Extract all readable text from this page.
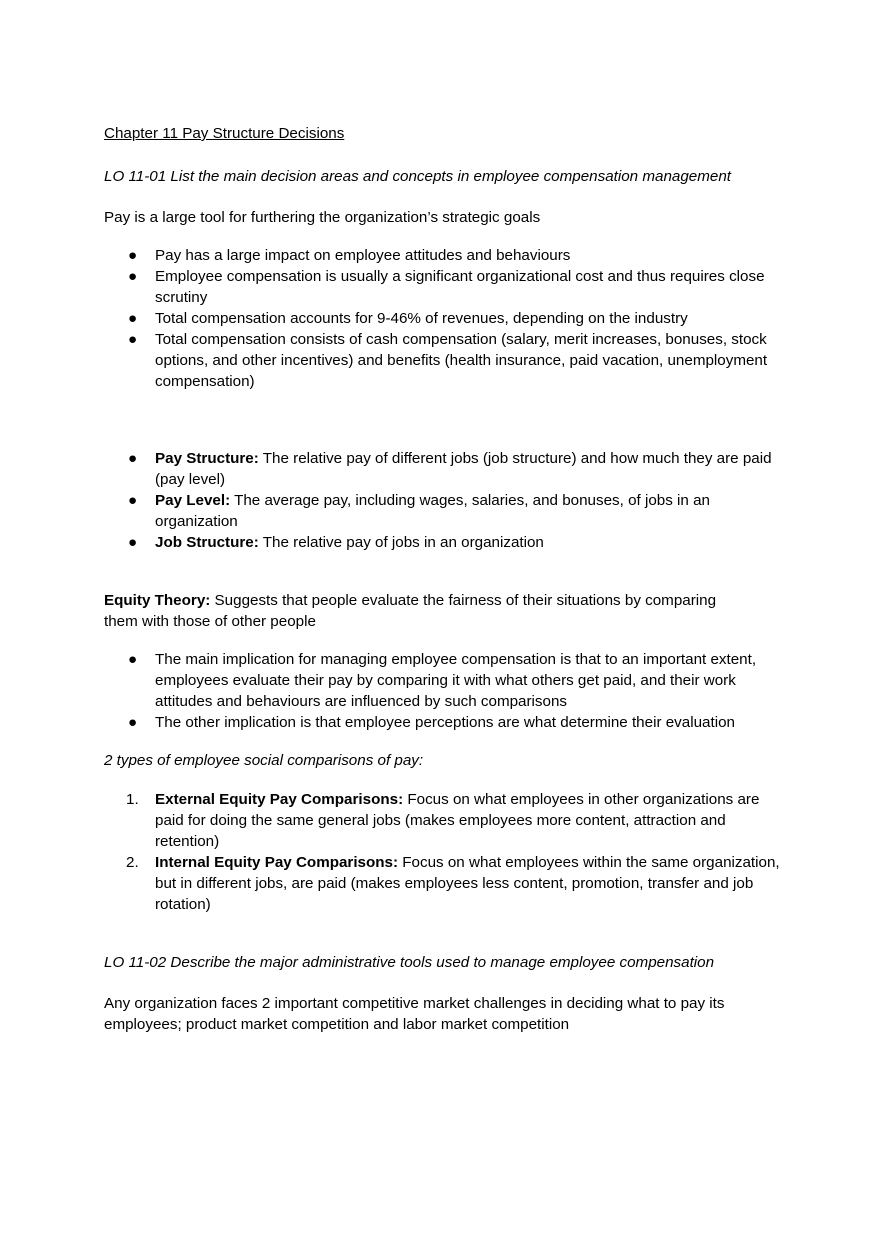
Chapter 11 Pay Structure Decisions
LO 11-01 List the main decision areas and concepts in employee compensation management
Pay is a large tool for furthering the organization’s strategic goals
● Pay has a large impact on employee attitudes and behaviours
● Employee compensation is usually a significant organizational cost and thus requires close scrutiny
● Total compensation accounts for 9-46% of revenues, depending on the industry
● Total compensation consists of cash compensation (salary, merit increases, bonuses, stock options, and other incentives) and benefits (health insurance, paid vacation, unemployment compensation)
● Pay Structure: The relative pay of different jobs (job structure) and how much they are paid (pay level)
● Pay Level: The average pay, including wages, salaries, and bonuses, of jobs in an organization
● Job Structure: The relative pay of jobs in an organization
Equity Theory: Suggests that people evaluate the fairness of their situations by comparing them with those of other people
● The main implication for managing employee compensation is that to an important extent, employees evaluate their pay by comparing it with what others get paid, and their work attitudes and behaviours are influenced by such comparisons
● The other implication is that employee perceptions are what determine their evaluation
2 types of employee social comparisons of pay:
1. External Equity Pay Comparisons: Focus on what employees in other organizations are paid for doing the same general jobs (makes employees more content, attraction and retention)
2. Internal Equity Pay Comparisons: Focus on what employees within the same organization, but in different jobs, are paid (makes employees less content, promotion, transfer and job rotation)
LO 11-02 Describe the major administrative tools used to manage employee compensation
Any organization faces 2 important competitive market challenges in deciding what to pay its employees; product market competition and labor market competition
